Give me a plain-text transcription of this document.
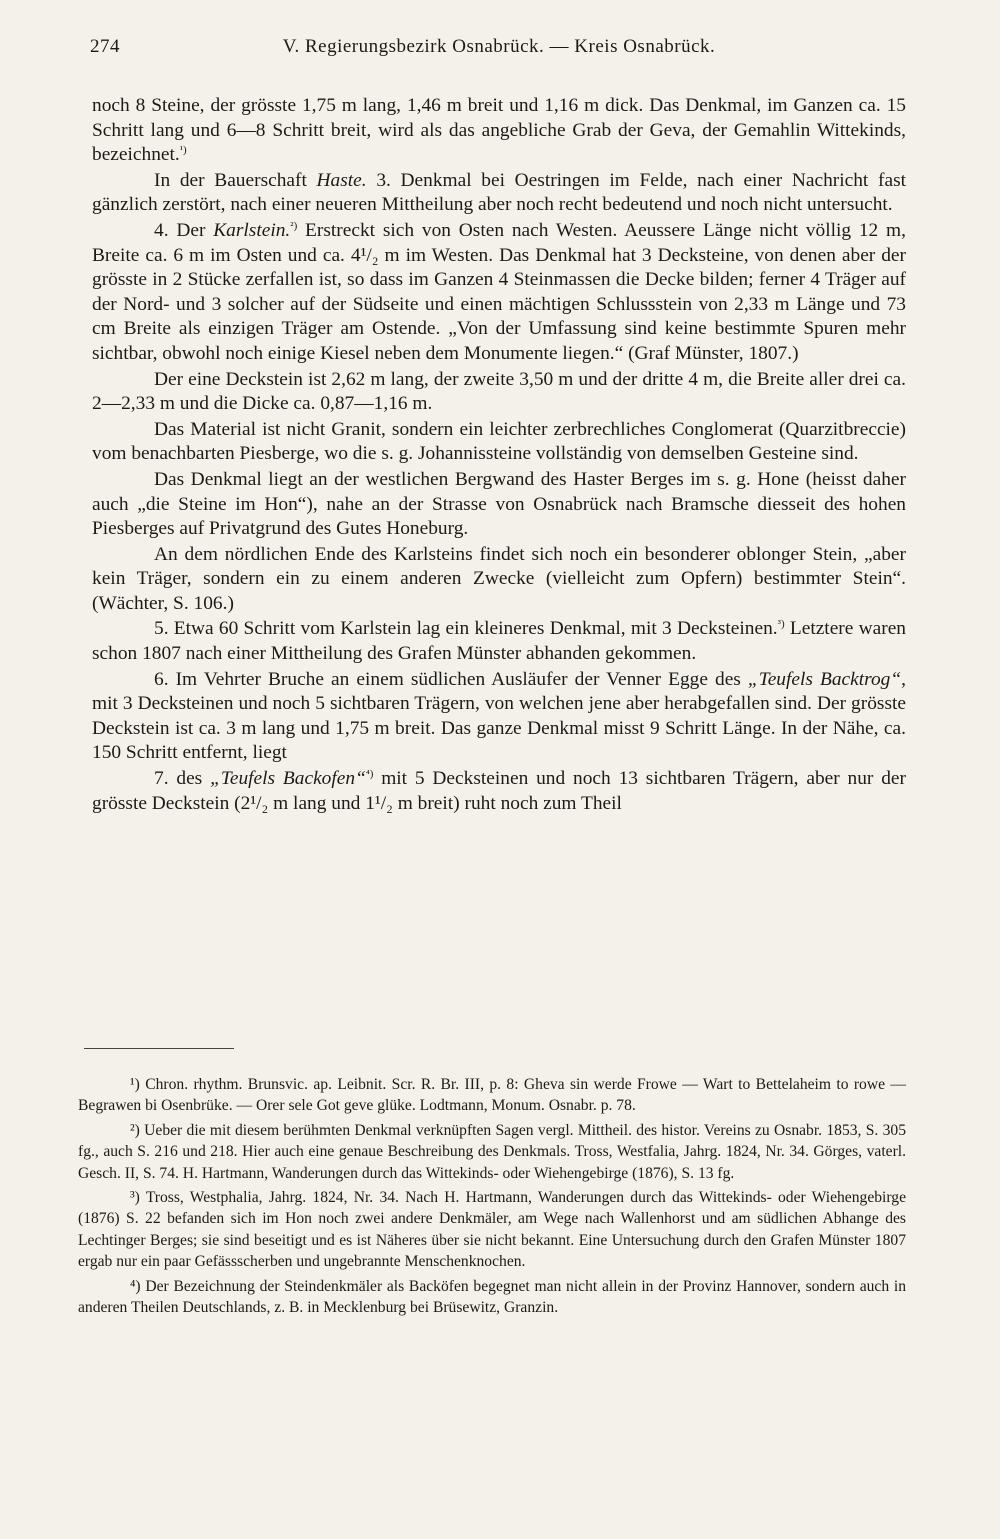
274	V. Regierungsbezirk Osnabrück. — Kreis Osnabrück.

noch 8 Steine, der grösste 1,75 m lang, 1,46 m breit und 1,16 m dick. Das Denkmal, im Ganzen ca. 15 Schritt lang und 6—8 Schritt breit, wird als das angebliche Grab der Geva, der Gemahlin Wittekinds, bezeichnet.$^{^1)}$

In der Bauerschaft Haste. 3. Denkmal bei Oestringen im Felde, nach einer Nachricht fast gänzlich zerstört, nach einer neueren Mittheilung aber noch recht bedeutend und noch nicht untersucht.

4. Der Karlstein.$^{^2)}$ Erstreckt sich von Osten nach Westen. Aeussere Länge nicht völlig 12 m, Breite ca. 6 m im Osten und ca. 4¹/₂ m im Westen. Das Denkmal hat 3 Decksteine, von denen aber der grösste in 2 Stücke zerfallen ist, so dass im Ganzen 4 Steinmassen die Decke bilden; ferner 4 Träger auf der Nord- und 3 solcher auf der Südseite und einen mächtigen Schlussstein von 2,33 m Länge und 73 cm Breite als einzigen Träger am Ostende. „Von der Umfassung sind keine bestimmte Spuren mehr sichtbar, obwohl noch einige Kiesel neben dem Monumente liegen.“ (Graf Münster, 1807.)

Der eine Deckstein ist 2,62 m lang, der zweite 3,50 m und der dritte 4 m, die Breite aller drei ca. 2—2,33 m und die Dicke ca. 0,87—1,16 m.

Das Material ist nicht Granit, sondern ein leichter zerbrechliches Conglomerat (Quarzitbreccie) vom benachbarten Piesberge, wo die s. g. Johannissteine vollständig von demselben Gesteine sind.

Das Denkmal liegt an der westlichen Bergwand des Haster Berges im s. g. Hone (heisst daher auch „die Steine im Hon“), nahe an der Strasse von Osnabrück nach Bramsche diesseit des hohen Piesberges auf Privatgrund des Gutes Honeburg.

An dem nördlichen Ende des Karlsteins findet sich noch ein besonderer oblonger Stein, „aber kein Träger, sondern ein zu einem anderen Zwecke (vielleicht zum Opfern) bestimmter Stein“. (Wächter, S. 106.)

5. Etwa 60 Schritt vom Karlstein lag ein kleineres Denkmal, mit 3 Decksteinen.$^{^3)}$ Letztere waren schon 1807 nach einer Mittheilung des Grafen Münster abhanden gekommen.

6. Im Vehrter Bruche an einem südlichen Ausläufer der Venner Egge des „Teufels Backtrog“, mit 3 Decksteinen und noch 5 sichtbaren Trägern, von welchen jene aber herabgefallen sind. Der grösste Deckstein ist ca. 3 m lang und 1,75 m breit. Das ganze Denkmal misst 9 Schritt Länge. In der Nähe, ca. 150 Schritt entfernt, liegt

7. des „Teufels Backofen“$^{^4)}$ mit 5 Decksteinen und noch 13 sichtbaren Trägern, aber nur der grösste Deckstein (2¹/₂ m lang und 1¹/₂ m breit) ruht noch zum Theil

¹) Chron. rhythm. Brunsvic. ap. Leibnit. Scr. R. Br. III, p. 8: Gheva sin werde Frowe — Wart to Bettelaheim to rowe — Begrawen bi Osenbrüke. — Orer sele Got geve glüke. Lodtmann, Monum. Osnabr. p. 78.

²) Ueber die mit diesem berühmten Denkmal verknüpften Sagen vergl. Mittheil. des histor. Vereins zu Osnabr. 1853, S. 305 fg., auch S. 216 und 218. Hier auch eine genaue Beschreibung des Denkmals. Tross, Westfalia, Jahrg. 1824, Nr. 34. Görges, vaterl. Gesch. II, S. 74. H. Hartmann, Wanderungen durch das Wittekinds- oder Wiehengebirge (1876), S. 13 fg.

³) Tross, Westphalia, Jahrg. 1824, Nr. 34. Nach H. Hartmann, Wanderungen durch das Wittekinds- oder Wiehengebirge (1876) S. 22 befanden sich im Hon noch zwei andere Denkmäler, am Wege nach Wallenhorst und am südlichen Abhange des Lechtinger Berges; sie sind beseitigt und es ist Näheres über sie nicht bekannt. Eine Untersuchung durch den Grafen Münster 1807 ergab nur ein paar Gefässscherben und ungebrannte Menschenknochen.

⁴) Der Bezeichnung der Steindenkmäler als Backöfen begegnet man nicht allein in der Provinz Hannover, sondern auch in anderen Theilen Deutschlands, z. B. in Mecklenburg bei Brüsewitz, Granzin.
